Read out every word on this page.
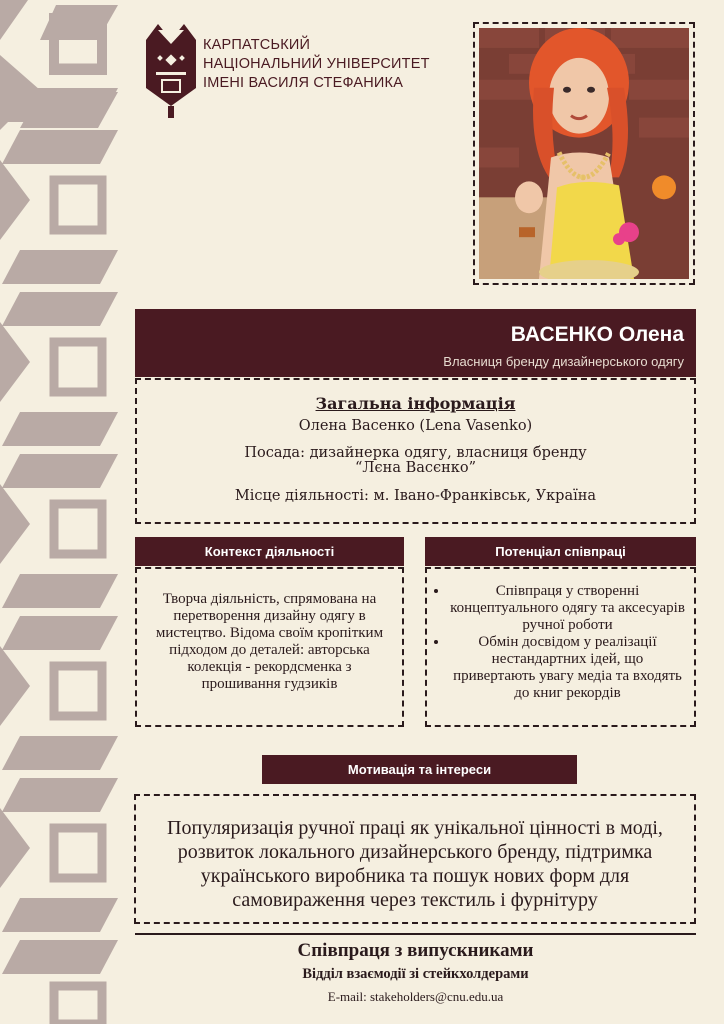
КАРПАТСЬКИЙ
НАЦІОНАЛЬНИЙ УНІВЕРСИТЕТ
ІМЕНІ ВАСИЛЯ СТЕФАНИКА
ВАСЕНКО Олена
Власниця бренду дизайнерського одягу
Загальна інформація
Олена Васенко (Lena Vasenko)
Посада: дизайнерка одягу, власниця бренду
“Лєна Васєнко”
Місце діяльності: м. Івано-Франківськ, Україна
Контекст діяльності
Творча діяльність, спрямована на перетворення дизайну одягу в мистецтво. Відома своїм кропітким підходом до деталей: авторська колекція - рекордсменка з прошивання гудзиків
Потенціал співпраці
• Співпраця у створенні концептуального одягу та аксесуарів ручної роботи
• Обмін досвідом у реалізації нестандартних ідей, що привертають увагу медіа та входять до книг рекордів
Мотивація та інтереси
Популяризація ручної праці як унікальної цінності в моді, розвиток локального дизайнерського бренду, підтримка українського виробника та пошук нових форм для самовираження через текстиль і фурнітуру
Співпраця з випускниками
Відділ взаємодії зі стейкхолдерами
E-mail: stakeholders@cnu.edu.ua
